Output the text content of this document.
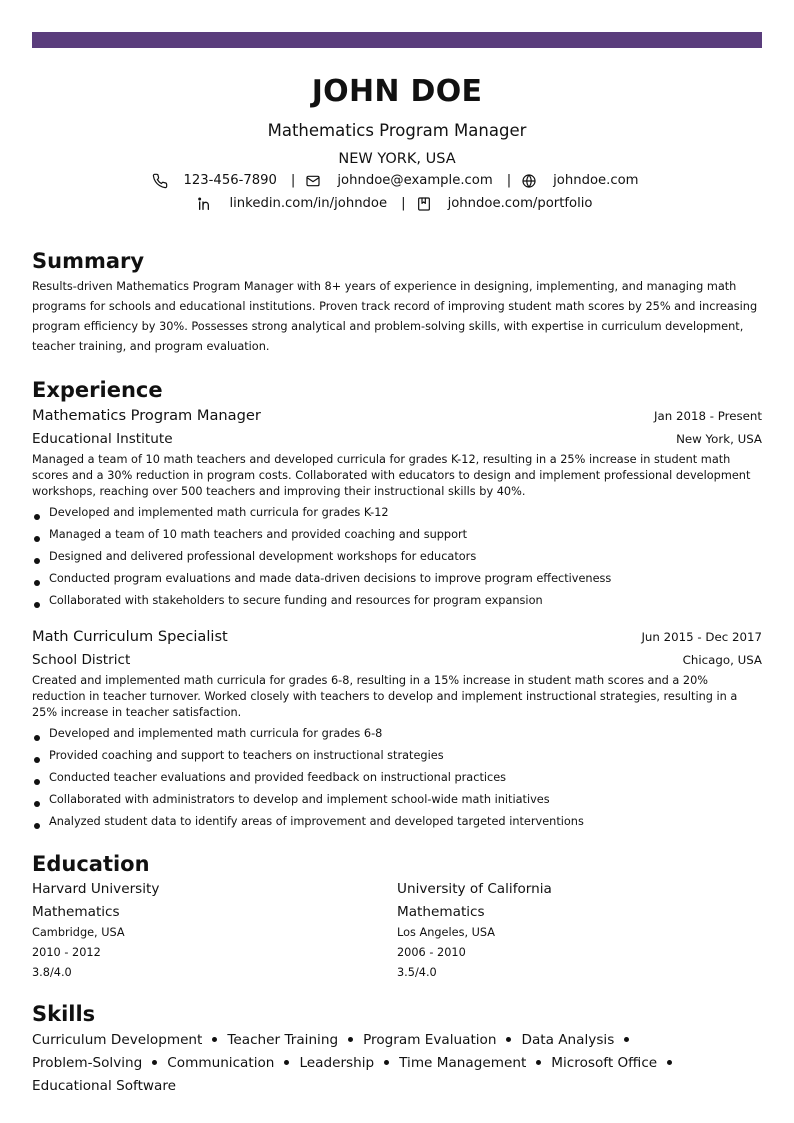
JOHN DOE
Mathematics Program Manager
NEW YORK, USA
123-456-7890 |	johndoe@example.com |	johndoe.com
linkedin.com/in/johndoe |	johndoe.com/portfolio
Summary

Results-driven Mathematics Program Manager with 8+ years of experience in designing, implementing, and managing math programs for schools and educational institutions. Proven track record of improving student math scores by 25% and increasing program efficiency by 30%. Possesses strong analytical and problem-solving skills, with expertise in curriculum development, teacher training, and program evaluation.

Experience
Mathematics Program Manager	Jan 2018 - Present
Educational Institute	New York, USA
Managed a team of 10 math teachers and developed curricula for grades K-12, resulting in a 25% increase in student math scores and a 30% reduction in program costs. Collaborated with educators to design and implement professional development workshops, reaching over 500 teachers and improving their instructional skills by 40%.
Developed and implemented math curricula for grades K-12
Managed a team of 10 math teachers and provided coaching and support
Designed and delivered professional development workshops for educators
Conducted program evaluations and made data-driven decisions to improve program effectiveness
Collaborated with stakeholders to secure funding and resources for program expansion
Math Curriculum Specialist	Jun 2015 - Dec 2017
School District	Chicago, USA
Created and implemented math curricula for grades 6-8, resulting in a 15% increase in student math scores and a 20% reduction in teacher turnover. Worked closely with teachers to develop and implement instructional strategies, resulting in a 25% increase in teacher satisfaction.
Developed and implemented math curricula for grades 6-8
Provided coaching and support to teachers on instructional strategies
Conducted teacher evaluations and provided feedback on instructional practices
Collaborated with administrators to develop and implement school-wide math initiatives
Analyzed student data to identify areas of improvement and developed targeted interventions
Education
Harvard University
Mathematics
Cambridge, USA
2010 - 2012
3.8/4.0
University of California
Mathematics
Los Angeles, USA
2006 - 2010
3.5/4.0
Skills
Curriculum Development	Teacher Training	Program Evaluation	Data Analysis
Problem-Solving	Communication	Leadership	Time Management	Microsoft Office
Educational Software
